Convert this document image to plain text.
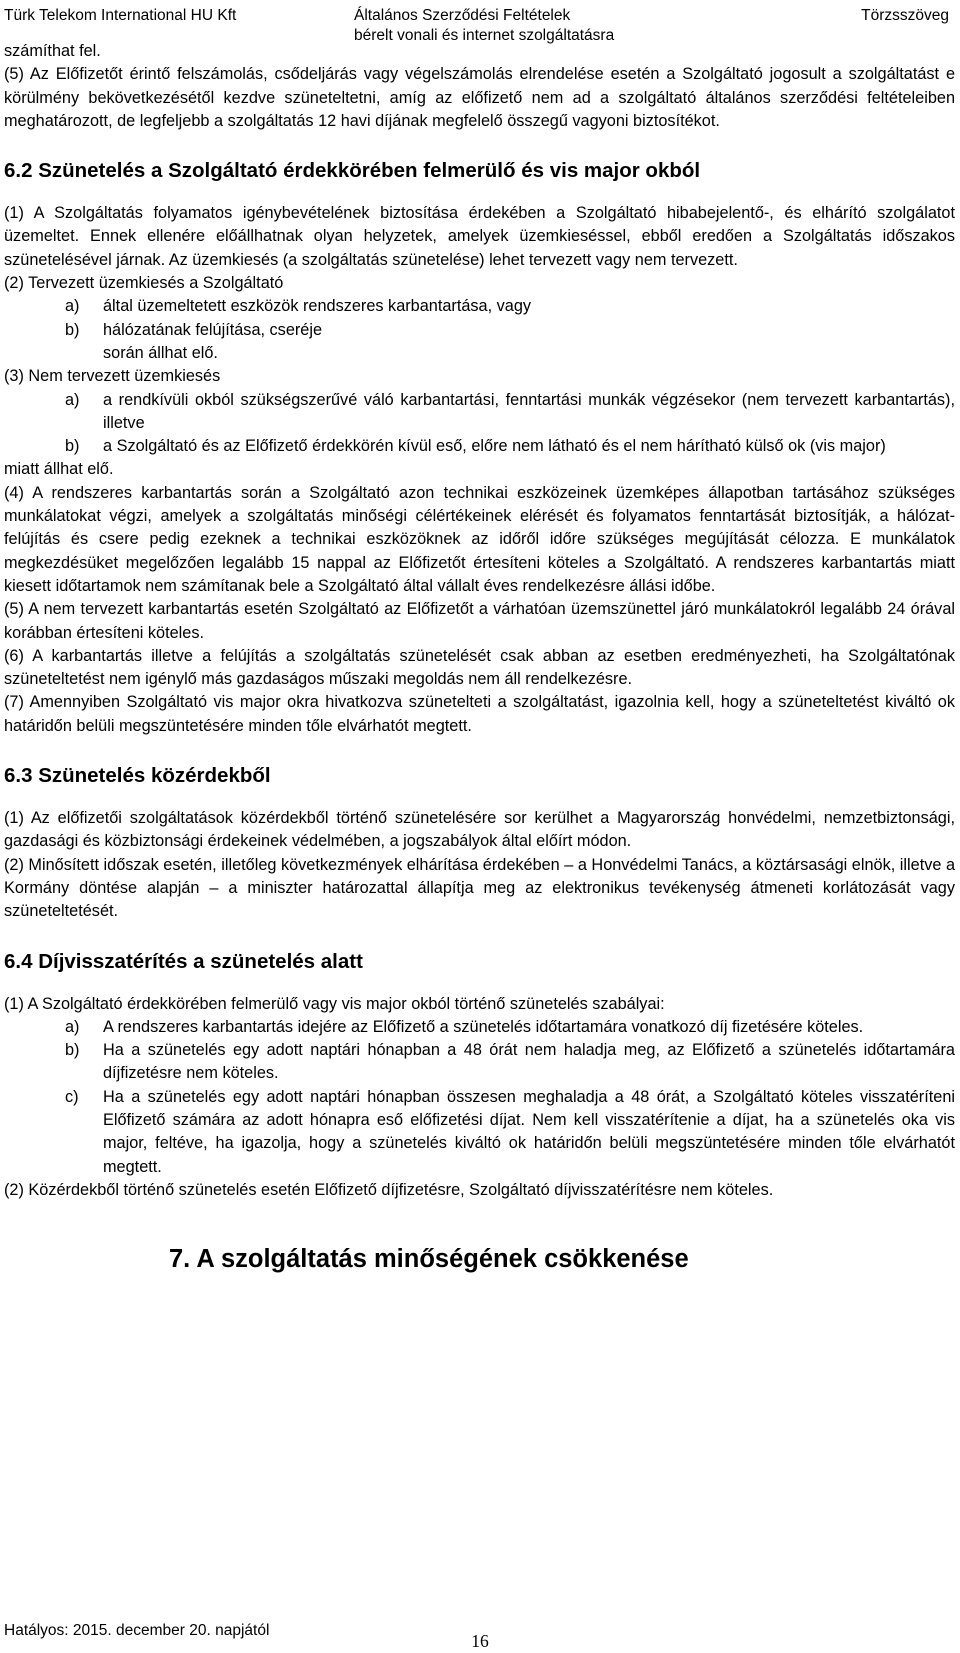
Türk Telekom International HU Kft	Általános Szerződési Feltételek
bérelt vonali és internet szolgáltatásra
Törzsszöveg

számíthat fel.

(5) Az Előfizetőt érintő felszámolás, csődeljárás vagy végelszámolás elrendelése esetén a Szolgáltató jogosult a szolgáltatást e körülmény bekövetkezésétől kezdve szüneteltetni, amíg az előfizető nem ad a szolgáltató általános szerződési feltételeiben meghatározott, de legfeljebb a szolgáltatás 12 havi díjának megfelelő összegű vagyoni biztosítékot.

6.2 Szünetelés a Szolgáltató érdekkörében felmerülő és vis major okból

(1) A Szolgáltatás folyamatos igénybevételének biztosítása érdekében a Szolgáltató hibabejelentő-, és elhárító szolgálatot üzemeltet. Ennek ellenére előállhatnak olyan helyzetek, amelyek üzemkieséssel, ebből eredően a Szolgáltatás időszakos szünetelésével járnak. Az üzemkiesés (a szolgáltatás szünetelése) lehet tervezett vagy nem tervezett.

(2) Tervezett üzemkiesés a Szolgáltató

a) által üzemeltetett eszközök rendszeres karbantartása, vagy
b) hálózatának felújítása, cseréje
során állhat elő.

(3) Nem tervezett üzemkiesés

a) a rendkívüli okból szükségszerűvé váló karbantartási, fenntartási munkák végzésekor (nem tervezett karbantartás), illetve
b) a Szolgáltató és az Előfizető érdekkörén kívül eső, előre nem látható és el nem hárítható külső ok (vis major)

miatt állhat elő.

(4) A rendszeres karbantartás során a Szolgáltató azon technikai eszközeinek üzemképes állapotban tartásához szükséges munkálatokat végzi, amelyek a szolgáltatás minőségi célértékeinek elérését és folyamatos fenntartását biztosítják, a hálózat- felújítás és csere pedig ezeknek a technikai eszközöknek az időről időre szükséges megújítását célozza. E munkálatok megkezdésüket megelőzően legalább 15 nappal az Előfizetőt értesíteni köteles a Szolgáltató. A rendszeres karbantartás miatt kiesett időtartamok nem számítanak bele a Szolgáltató által vállalt éves rendelkezésre állási időbe.

(5) A nem tervezett karbantartás esetén Szolgáltató az Előfizetőt a várhatóan üzemszünettel járó munkálatokról legalább 24 órával korábban értesíteni köteles.

(6) A karbantartás illetve a felújítás a szolgáltatás szünetelését csak abban az esetben eredményezheti, ha Szolgáltatónak szüneteltetést nem igénylő más gazdaságos műszaki megoldás nem áll rendelkezésre.

(7) Amennyiben Szolgáltató vis major okra hivatkozva szünetelteti a szolgáltatást, igazolnia kell, hogy a szüneteltetést kiváltó ok határidőn belüli megszüntetésére minden tőle elvárhatót megtett.

6.3 Szünetelés közérdekből

(1) Az előfizetői szolgáltatások közérdekből történő szünetelésére sor kerülhet a Magyarország honvédelmi, nemzetbiztonsági, gazdasági és közbiztonsági érdekeinek védelmében, a jogszabályok által előírt módon.

(2) Minősített időszak esetén, illetőleg következmények elhárítása érdekében – a Honvédelmi Tanács, a köztársasági elnök, illetve a Kormány döntése alapján – a miniszter határozattal állapítja meg az elektronikus tevékenység átmeneti korlátozását vagy szüneteltetését.

6.4 Díjvisszatérítés a szünetelés alatt

(1) A Szolgáltató érdekkörében felmerülő vagy vis major okból történő szünetelés szabályai:

a) A rendszeres karbantartás idejére az Előfizető a szünetelés időtartamára vonatkozó díj fizetésére köteles.
b) Ha a szünetelés egy adott naptári hónapban a 48 órát nem haladja meg, az Előfizető a szünetelés időtartamára díjfizetésre nem köteles.
c) Ha a szünetelés egy adott naptári hónapban összesen meghaladja a 48 órát, a Szolgáltató köteles visszatéríteni Előfizető számára az adott hónapra eső előfizetési díjat. Nem kell visszatérítenie a díjat, ha a szünetelés oka vis major, feltéve, ha igazolja, hogy a szünetelés kiváltó ok határidőn belüli megszüntetésére minden tőle elvárhatót megtett.

(2) Közérdekből történő szünetelés esetén Előfizető díjfizetésre, Szolgáltató díjvisszatérítésre nem köteles.

7. A szolgáltatás minőségének csökkenése
Hatályos: 2015. december 20. napjától
16
